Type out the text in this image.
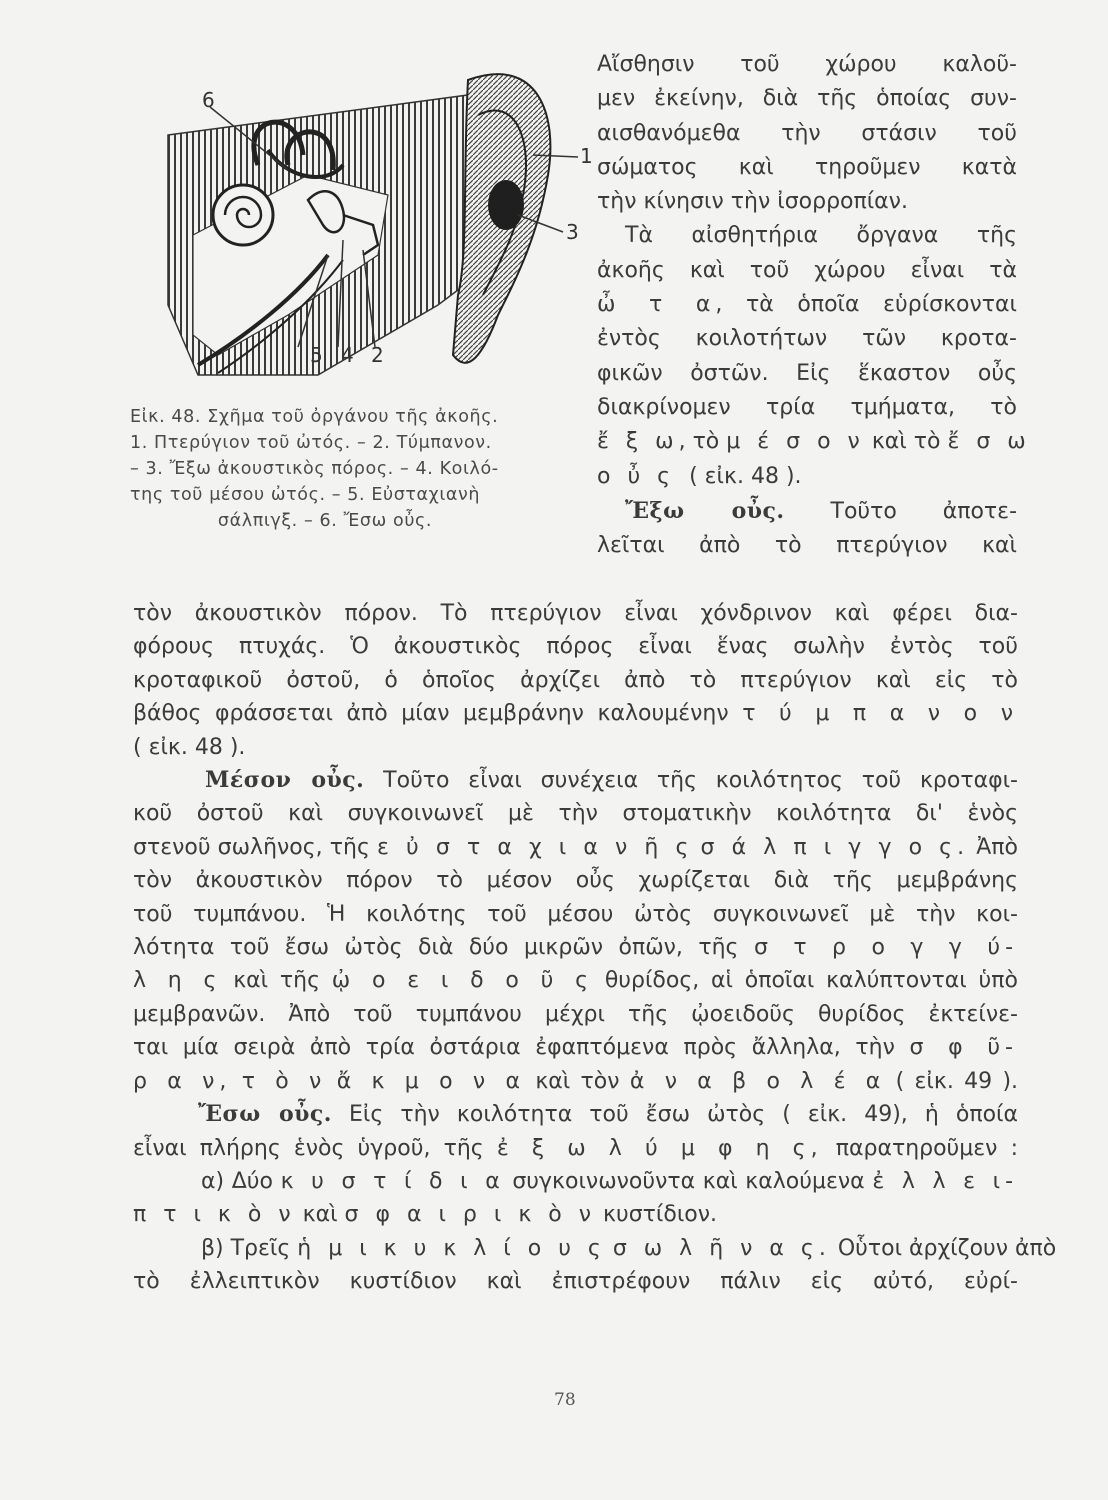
6
1
3
5 4 2
Εἰκ. 48. Σχῆμα τοῦ ὀργάνου τῆς ἀκοῆς.
1. Πτερύγιον τοῦ ὠτός. – 2. Τύμπανον.
– 3. Ἔξω ἀκουστικὸς πόρος. – 4. Κοιλό-
της τοῦ μέσου ὠτός. – 5. Εὐσταχιανὴ
σάλπιγξ. – 6. Ἔσω οὖς.
Αἴσθησιν τοῦ χώρου καλοῦ-
μεν ἐκείνην, διὰ τῆς ὁποίας συν-
αισθανόμεθα τὴν στάσιν τοῦ
σώματος καὶ τηροῦμεν κατὰ
τὴν κίνησιν τὴν ἰσορροπίαν.
Τὰ αἰσθητήρια ὄργανα τῆς
ἀκοῆς καὶ τοῦ χώρου εἶναι τὰ
ὦ τ α, τὰ ὁποῖα εὑρίσκονται
ἐντὸς κοιλοτήτων τῶν κροτα-
φικῶν ὀστῶν. Εἰς ἕκαστον οὖς
διακρίνομεν τρία τμήματα, τὸ
ἔ ξ ω, τὸ μ έ σ ο ν καὶ τὸ ἔ σ ω
ο ὖ ς ( εἰκ. 48 ).
Ἔξω οὖς. Τοῦτο ἀποτε-
λεῖται ἀπὸ τὸ πτερύγιον καὶ
τὸν ἀκουστικὸν πόρον. Τὸ πτερύγιον εἶναι χόνδρινον καὶ φέρει δια-
φόρους πτυχάς. Ὁ ἀκουστικὸς πόρος εἶναι ἕνας σωλὴν ἐντὸς τοῦ
κροταφικοῦ ὀστοῦ, ὁ ὁποῖος ἀρχίζει ἀπὸ τὸ πτερύγιον καὶ εἰς τὸ
βάθος φράσσεται ἀπὸ μίαν μεμβράνην καλουμένην τ ύ μ π α ν ο ν
( εἰκ. 48 ).
Μέσον οὖς. Τοῦτο εἶναι συνέχεια τῆς κοιλότητος τοῦ κροταφι-
κοῦ ὀστοῦ καὶ συγκοινωνεῖ μὲ τὴν στοματικὴν κοιλότητα δι' ἑνὸς
στενοῦ σωλῆνος, τῆς ε ὐ σ τ α χ ι α ν ῆ ς σ ά λ π ι γ γ ο ς. Ἀπὸ
τὸν ἀκουστικὸν πόρον τὸ μέσον οὖς χωρίζεται διὰ τῆς μεμβράνης
τοῦ τυμπάνου. Ἡ κοιλότης τοῦ μέσου ὠτὸς συγκοινωνεῖ μὲ τὴν κοι-
λότητα τοῦ ἔσω ὠτὸς διὰ δύο μικρῶν ὀπῶν, τῆς σ τ ρ ο γ γ ύ-
λ η ς καὶ τῆς ᾠ ο ε ι δ ο ῦ ς θυρίδος, αἱ ὁποῖαι καλύπτονται ὑπὸ
μεμβρανῶν. Ἀπὸ τοῦ τυμπάνου μέχρι τῆς ᾠοειδοῦς θυρίδος ἐκτείνε-
ται μία σειρὰ ἀπὸ τρία ὀστάρια ἐφαπτόμενα πρὸς ἄλληλα, τὴν σ φ ῦ-
ρ α ν, τ ὸ ν ἄ κ μ ο ν α καὶ τὸν ἀ ν α β ο λ έ α ( εἰκ. 49 ).
Ἔσω οὖς. Εἰς τὴν κοιλότητα τοῦ ἔσω ὠτὸς ( εἰκ. 49), ἡ ὁποία
εἶναι πλήρης ἑνὸς ὑγροῦ, τῆς ἐ ξ ω λ ύ μ φ η ς, παρατηροῦμεν :
α) Δύο κ υ σ τ ί δ ι α συγκοινωνοῦντα καὶ καλούμενα ἐ λ λ ε ι-
π τ ι κ ὸ ν καὶ σ φ α ι ρ ι κ ὸ ν κυστίδιον.
β) Τρεῖς ἡ μ ι κ υ κ λ ί ο υ ς σ ω λ ῆ ν α ς. Οὗτοι ἀρχίζουν ἀπὸ
τὸ ἐλλειπτικὸν κυστίδιον καὶ ἐπιστρέφουν πάλιν εἰς αὐτό, εὐρί-
78
